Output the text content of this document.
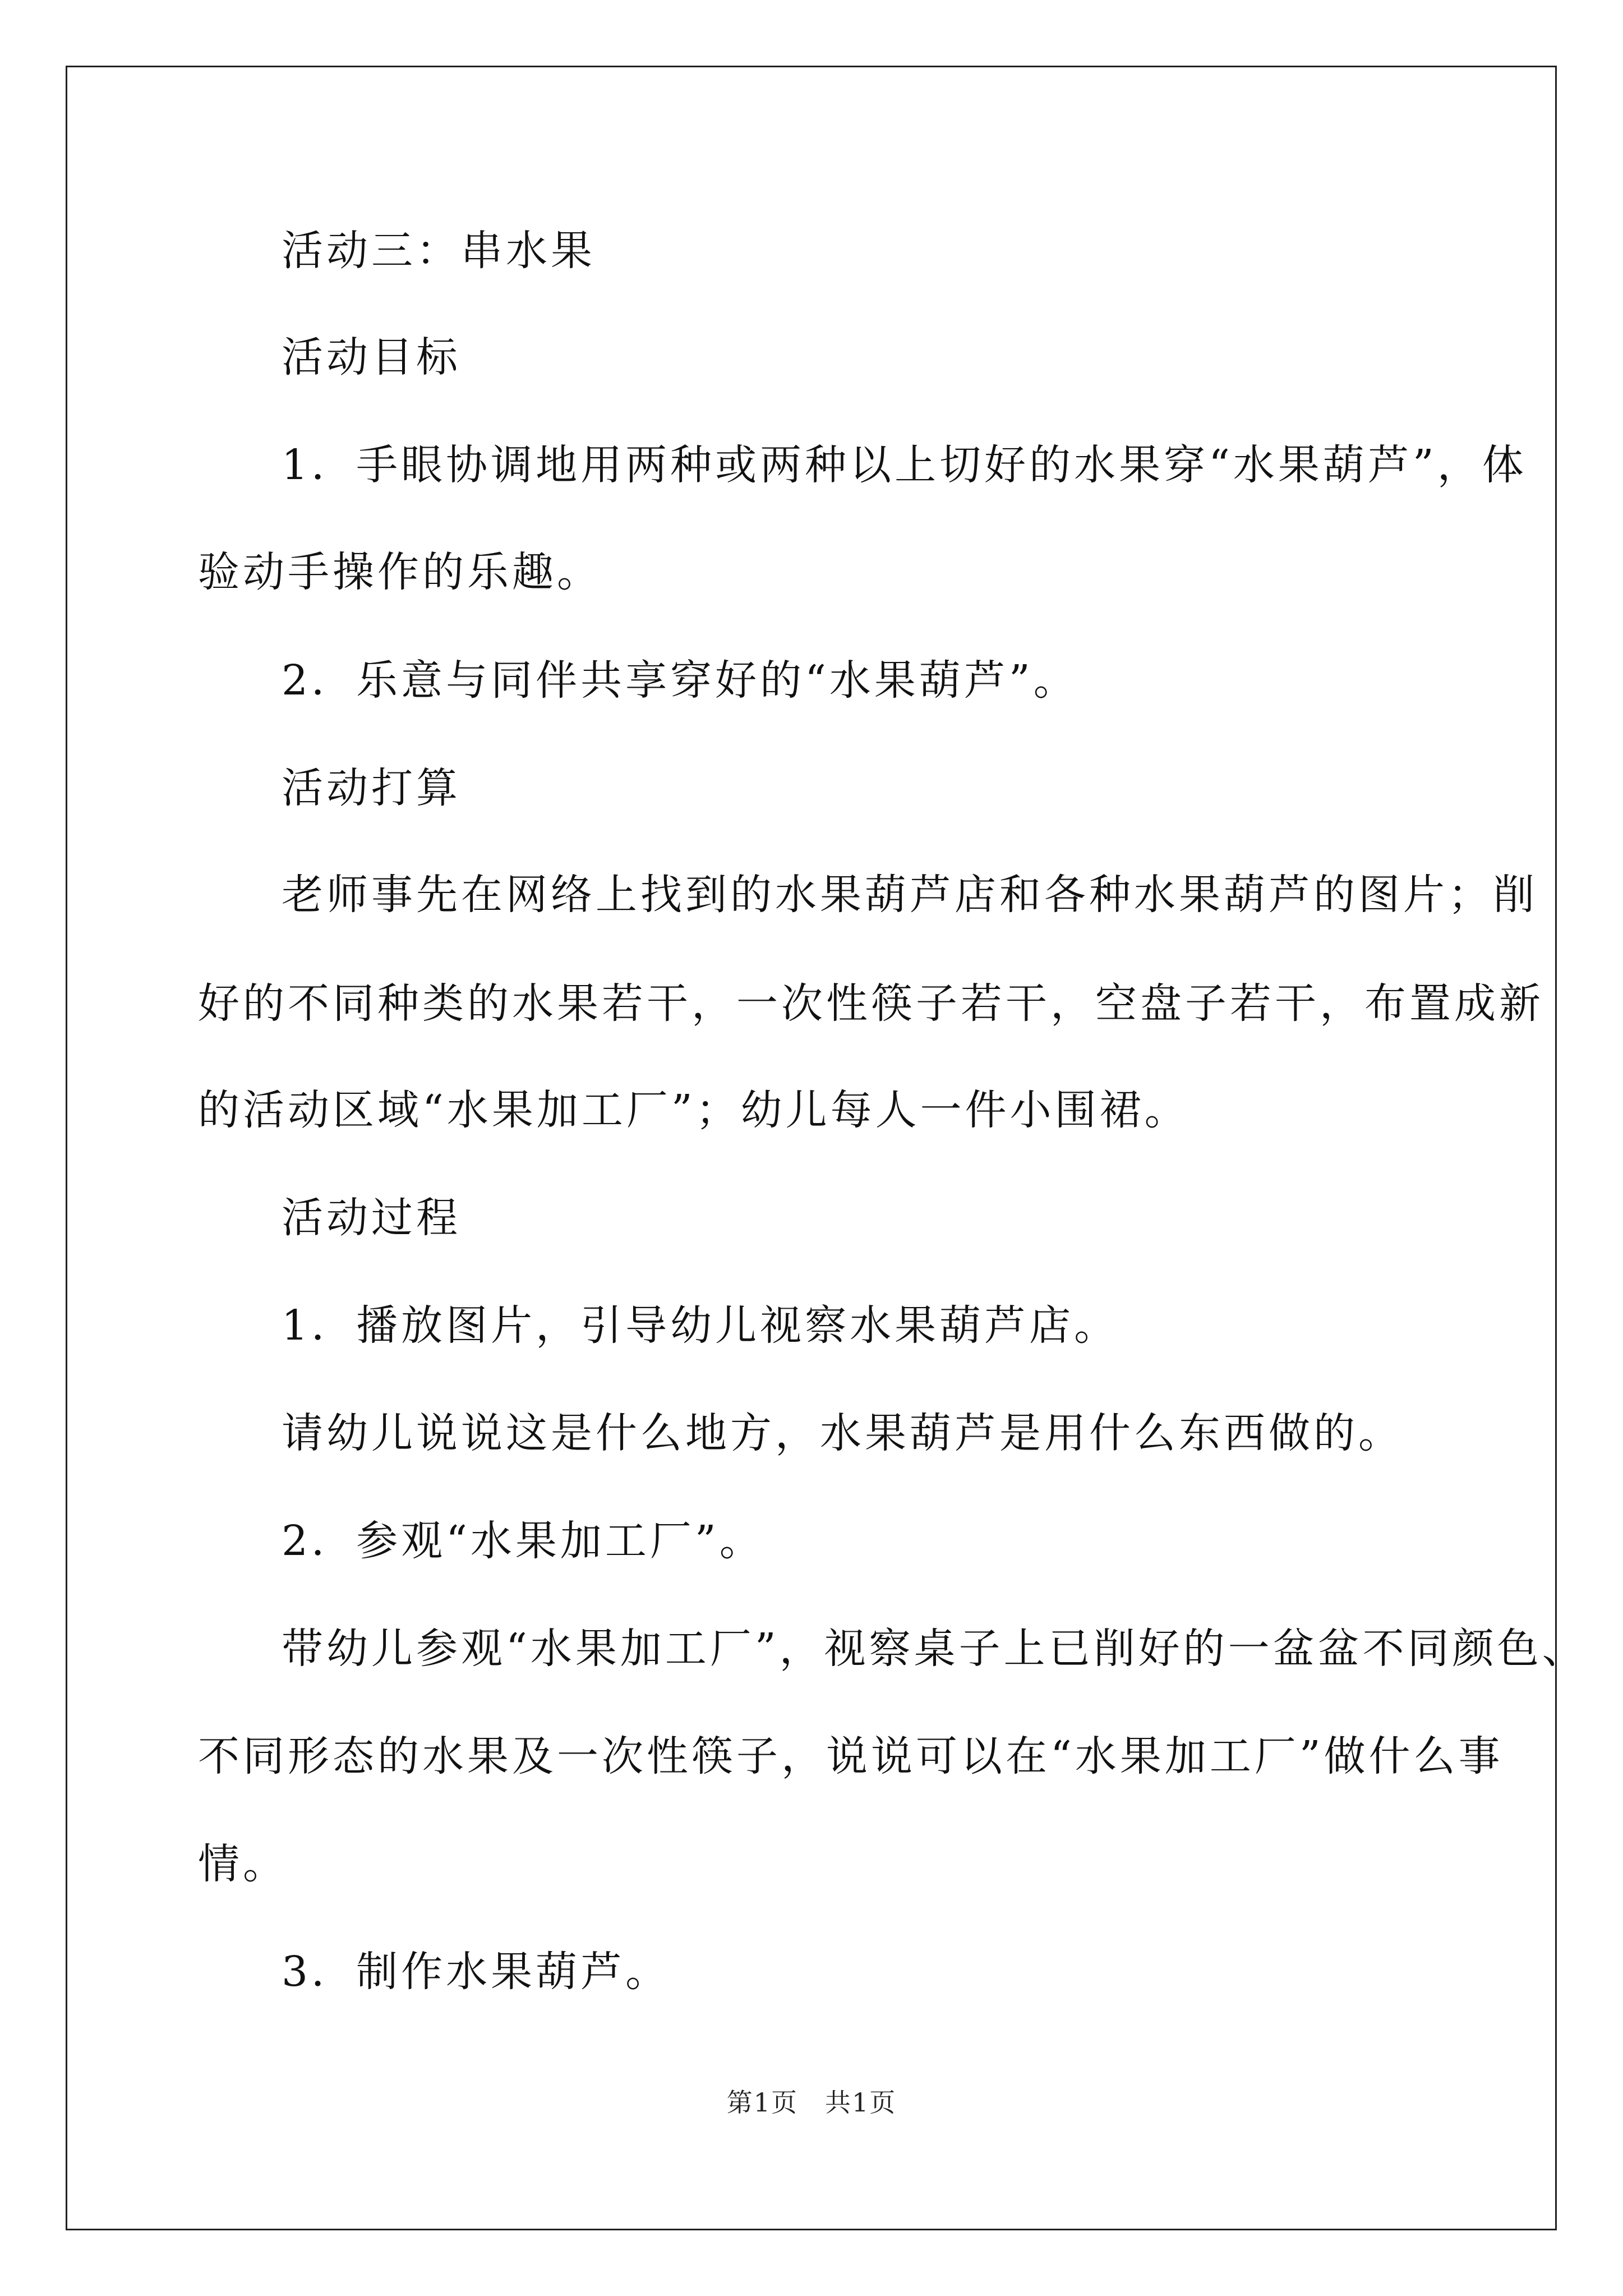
活动三：串水果
活动目标
1．手眼协调地用两种或两种以上切好的水果穿“水果葫芦”，体
验动手操作的乐趣。
2．乐意与同伴共享穿好的“水果葫芦”。
活动打算
老师事先在网络上找到的水果葫芦店和各种水果葫芦的图片；削
好的不同种类的水果若干，一次性筷子若干，空盘子若干，布置成新
的活动区域“水果加工厂”；幼儿每人一件小围裙。
活动过程
1．播放图片，引导幼儿视察水果葫芦店。
请幼儿说说这是什么地方，水果葫芦是用什么东西做的。
2．参观“水果加工厂”。
带幼儿参观“水果加工厂”，视察桌子上已削好的一盆盆不同颜色、
不同形态的水果及一次性筷子，说说可以在“水果加工厂”做什么事
情。
3．制作水果葫芦。
第1页　共1页
